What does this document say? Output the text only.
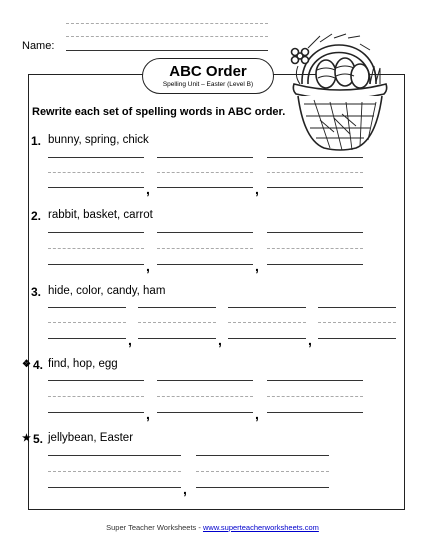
Name:
ABC Order
Spelling Unit – Easter (Level B)
Rewrite each set of spelling words in ABC order.
1. bunny, spring, chick
,	,
2. rabbit, basket, carrot
,	,
3. hide, color, candy, ham
,	,	,
❖ 4. find, hop, egg
,	,
★ 5. jellybean, Easter
,
Super Teacher Worksheets - www.superteacherworksheets.com
